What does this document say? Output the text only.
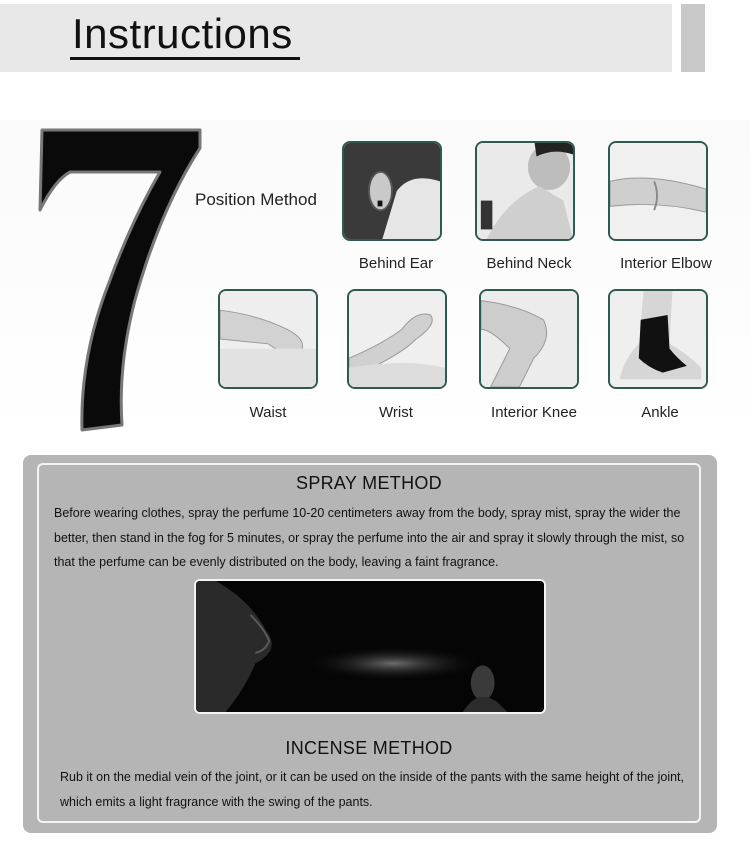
Instructions
Position Method
Behind Ear	Behind Neck	Interior Elbow
Waist	Wrist	Interior Knee	Ankle
SPRAY METHOD
Before wearing clothes, spray the perfume 10-20 centimeters away from the body, spray mist, spray the wider the better, then stand in the fog for 5 minutes, or spray the perfume into the air and spray it slowly through the mist, so that the perfume can be evenly distributed on the body, leaving a faint fragrance.
INCENSE METHOD
Rub it on the medial vein of the joint, or it can be used on the inside of the pants with the same height of the joint, which emits a light fragrance with the swing of the pants.
